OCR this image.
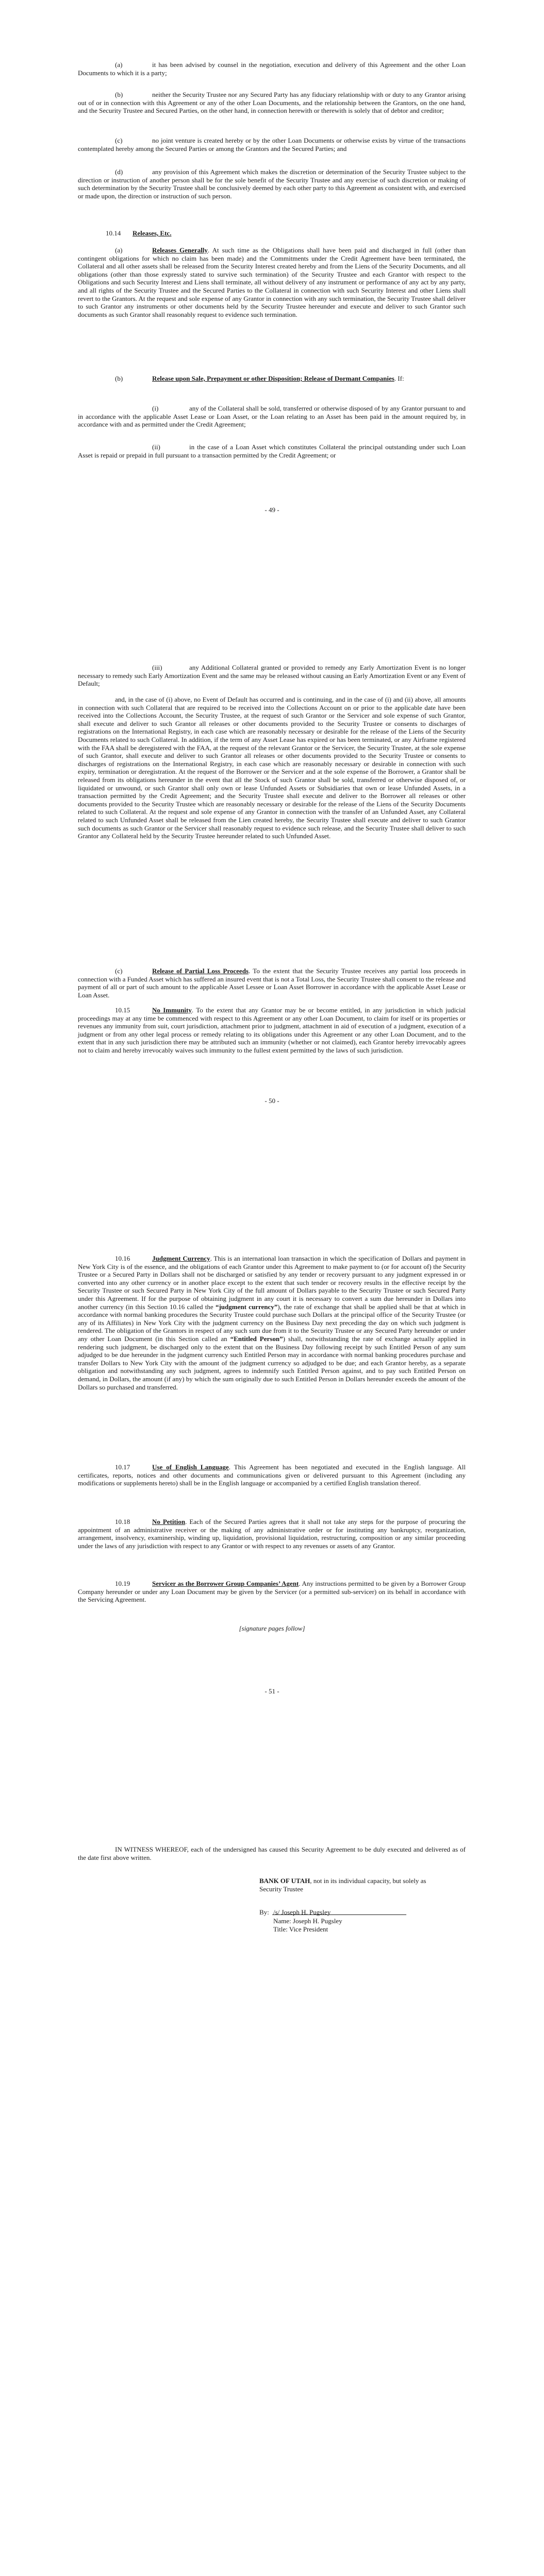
(a)	it has been advised by counsel in the negotiation, execution and delivery of this Agreement and the other Loan Documents to which it is a party;

(b)	neither the Security Trustee nor any Secured Party has any fiduciary relationship with or duty to any Grantor arising out of or in connection with this Agreement or any of the other Loan Documents, and the relationship between the Grantors, on the one hand, and the Security Trustee and Secured Parties, on the other hand, in connection herewith or therewith is solely that of debtor and creditor;

(c)	no joint venture is created hereby or by the other Loan Documents or otherwise exists by virtue of the transactions contemplated hereby among the Secured Parties or among the Grantors and the Secured Parties; and

(d)	any provision of this Agreement which makes the discretion or determination of the Security Trustee subject to the direction or instruction of another person shall be for the sole benefit of the Security Trustee and any exercise of such discretion or making of such determination by the Security Trustee shall be conclusively deemed by each other party to this Agreement as consistent with, and exercised or made upon, the direction or instruction of such person.

10.14 Releases, Etc.

(a)	Releases Generally. At such time as the Obligations shall have been paid and discharged in full (other than contingent obligations for which no claim has been made) and the Commitments under the Credit Agreement have been terminated, the Collateral and all other assets shall be released from the Security Interest created hereby and from the Liens of the Security Documents, and all obligations (other than those expressly stated to survive such termination) of the Security Trustee and each Grantor with respect to the Obligations and such Security Interest and Liens shall terminate, all without delivery of any instrument or performance of any act by any party, and all rights of the Security Trustee and the Secured Parties to the Collateral in connection with such Security Interest and other Liens shall revert to the Grantors. At the request and sole expense of any Grantor in connection with any such termination, the Security Trustee shall deliver to such Grantor any instruments or other documents held by the Security Trustee hereunder and execute and deliver to such Grantor such documents as such Grantor shall reasonably request to evidence such termination.

(b)	Release upon Sale, Prepayment or other Disposition; Release of Dormant Companies. If:

(i)	any of the Collateral shall be sold, transferred or otherwise disposed of by any Grantor pursuant to and in accordance with the applicable Asset Lease or Loan Asset, or the Loan relating to an Asset has been paid in the amount required by, in accordance with and as permitted under the Credit Agreement;

(ii)	in the case of a Loan Asset which constitutes Collateral the principal outstanding under such Loan Asset is repaid or prepaid in full pursuant to a transaction permitted by the Credit Agreement; or

- 49 -

(iii)	any Additional Collateral granted or provided to remedy any Early Amortization Event is no longer necessary to remedy such Early Amortization Event and the same may be released without causing an Early Amortization Event or any Event of Default;

and, in the case of (i) above, no Event of Default has occurred and is continuing, and in the case of (i) and (ii) above, all amounts in connection with such Collateral that are required to be received into the Collections Account on or prior to the applicable date have been received into the Collections Account, the Security Trustee, at the request of such Grantor or the Servicer and sole expense of such Grantor, shall execute and deliver to such Grantor all releases or other documents provided to the Security Trustee or consents to discharges of registrations on the International Registry, in each case which are reasonably necessary or desirable for the release of the Liens of the Security Documents related to such Collateral. In addition, if the term of any Asset Lease has expired or has been terminated, or any Airframe registered with the FAA shall be deregistered with the FAA, at the request of the relevant Grantor or the Servicer, the Security Trustee, at the sole expense of such Grantor, shall execute and deliver to such Grantor all releases or other documents provided to the Security Trustee or consents to discharges of registrations on the International Registry, in each case which are reasonably necessary or desirable in connection with such expiry, termination or deregistration. At the request of the Borrower or the Servicer and at the sole expense of the Borrower, a Grantor shall be released from its obligations hereunder in the event that all the Stock of such Grantor shall be sold, transferred or otherwise disposed of, or liquidated or unwound, or such Grantor shall only own or lease Unfunded Assets or Subsidiaries that own or lease Unfunded Assets, in a transaction permitted by the Credit Agreement; and the Security Trustee shall execute and deliver to the Borrower all releases or other documents provided to the Security Trustee which are reasonably necessary or desirable for the release of the Liens of the Security Documents related to such Collateral. At the request and sole expense of any Grantor in connection with the transfer of an Unfunded Asset, any Collateral related to such Unfunded Asset shall be released from the Lien created hereby, the Security Trustee shall execute and deliver to such Grantor such documents as such Grantor or the Servicer shall reasonably request to evidence such release, and the Security Trustee shall deliver to such Grantor any Collateral held by the Security Trustee hereunder related to such Unfunded Asset.

(c)	Release of Partial Loss Proceeds. To the extent that the Security Trustee receives any partial loss proceeds in connection with a Funded Asset which has suffered an insured event that is not a Total Loss, the Security Trustee shall consent to the release and payment of all or part of such amount to the applicable Asset Lessee or Loan Asset Borrower in accordance with the applicable Asset Lease or Loan Asset.

10.15	No Immunity. To the extent that any Grantor may be or become entitled, in any jurisdiction in which judicial proceedings may at any time be commenced with respect to this Agreement or any other Loan Document, to claim for itself or its properties or revenues any immunity from suit, court jurisdiction, attachment prior to judgment, attachment in aid of execution of a judgment, execution of a judgment or from any other legal process or remedy relating to its obligations under this Agreement or any other Loan Document, and to the extent that in any such jurisdiction there may be attributed such an immunity (whether or not claimed), each Grantor hereby irrevocably agrees not to claim and hereby irrevocably waives such immunity to the fullest extent permitted by the laws of such jurisdiction.

- 50 -

10.16	Judgment Currency. This is an international loan transaction in which the specification of Dollars and payment in New York City is of the essence, and the obligations of each Grantor under this Agreement to make payment to (or for account of) the Security Trustee or a Secured Party in Dollars shall not be discharged or satisfied by any tender or recovery pursuant to any judgment expressed in or converted into any other currency or in another place except to the extent that such tender or recovery results in the effective receipt by the Security Trustee or such Secured Party in New York City of the full amount of Dollars payable to the Security Trustee or such Secured Party under this Agreement. If for the purpose of obtaining judgment in any court it is necessary to convert a sum due hereunder in Dollars into another currency (in this Section 10.16 called the “judgment currency”), the rate of exchange that shall be applied shall be that at which in accordance with normal banking procedures the Security Trustee could purchase such Dollars at the principal office of the Security Trustee (or any of its Affiliates) in New York City with the judgment currency on the Business Day next preceding the day on which such judgment is rendered. The obligation of the Grantors in respect of any such sum due from it to the Security Trustee or any Secured Party hereunder or under any other Loan Document (in this Section called an “Entitled Person”) shall, notwithstanding the rate of exchange actually applied in rendering such judgment, be discharged only to the extent that on the Business Day following receipt by such Entitled Person of any sum adjudged to be due hereunder in the judgment currency such Entitled Person may in accordance with normal banking procedures purchase and transfer Dollars to New York City with the amount of the judgment currency so adjudged to be due; and each Grantor hereby, as a separate obligation and notwithstanding any such judgment, agrees to indemnify such Entitled Person against, and to pay such Entitled Person on demand, in Dollars, the amount (if any) by which the sum originally due to such Entitled Person in Dollars hereunder exceeds the amount of the Dollars so purchased and transferred.

10.17	Use of English Language. This Agreement has been negotiated and executed in the English language. All certificates, reports, notices and other documents and communications given or delivered pursuant to this Agreement (including any modifications or supplements hereto) shall be in the English language or accompanied by a certified English translation thereof.

10.18	No Petition. Each of the Secured Parties agrees that it shall not take any steps for the purpose of procuring the appointment of an administrative receiver or the making of any administrative order or for instituting any bankruptcy, reorganization, arrangement, insolvency, examinership, winding up, liquidation, provisional liquidation, restructuring, composition or any similar proceeding under the laws of any jurisdiction with respect to any Grantor or with respect to any revenues or assets of any Grantor.

10.19	Servicer as the Borrower Group Companies’ Agent. Any instructions permitted to be given by a Borrower Group Company hereunder or under any Loan Document may be given by the Servicer (or a permitted sub-servicer) on its behalf in accordance with the Servicing Agreement.

[signature pages follow]

- 51 -

IN WITNESS WHEREOF, each of the undersigned has caused this Security Agreement to be duly executed and delivered as of the date first above written.

BANK OF UTAH, not in its individual capacity, but solely as Security Trustee

By: /s/ Joseph H. Pugsley

Name: Joseph H. Pugsley

Title: Vice President
